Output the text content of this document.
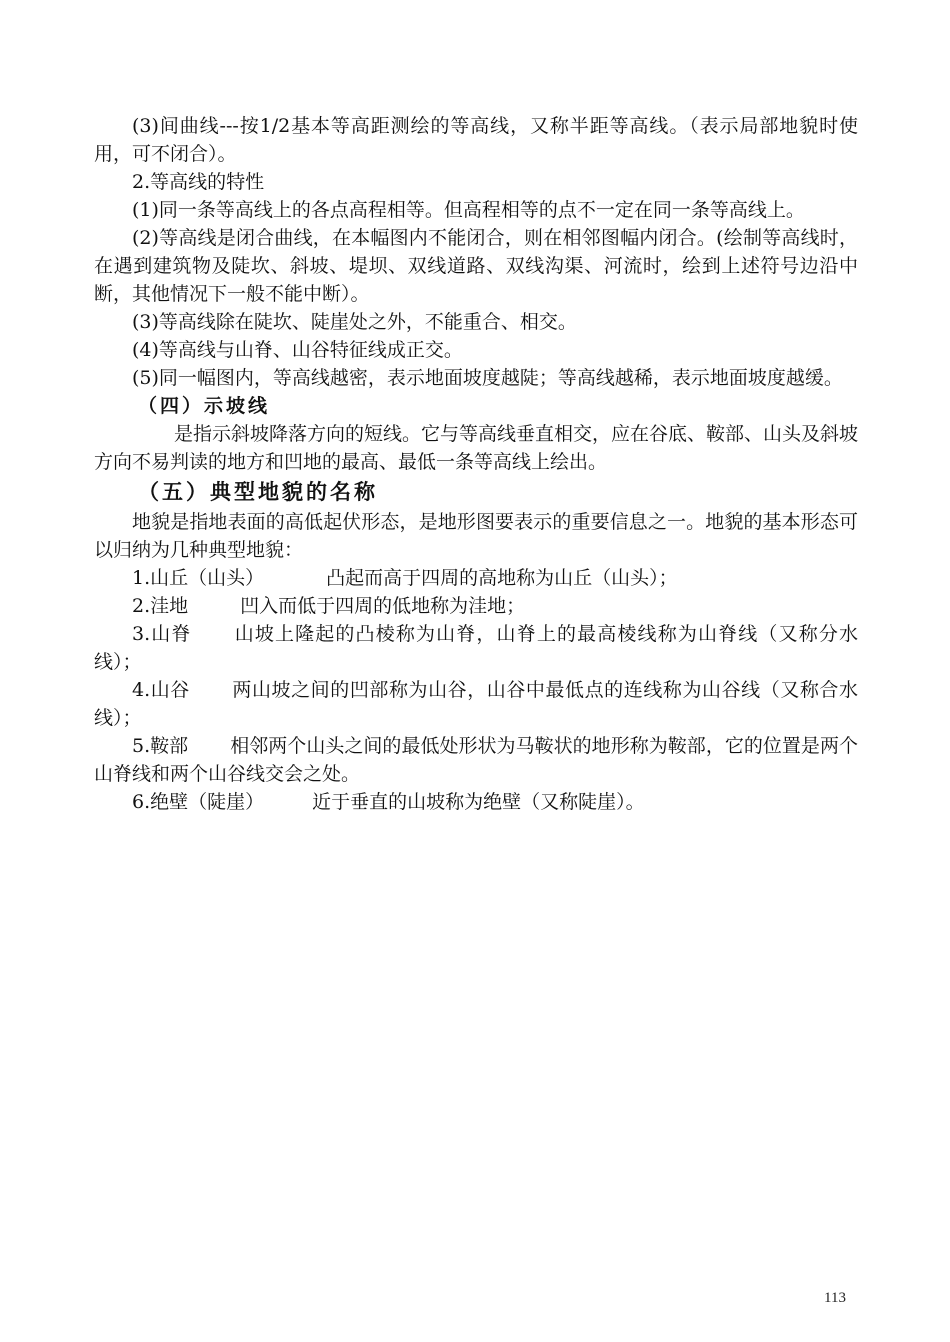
(3)间曲线---按1/2基本等高距测绘的等高线，又称半距等高线。（表示局部地貌时使用，可不闭合）。

2.等高线的特性

(1)同一条等高线上的各点高程相等。但高程相等的点不一定在同一条等高线上。

(2)等高线是闭合曲线，在本幅图内不能闭合，则在相邻图幅内闭合。(绘制等高线时，在遇到建筑物及陡坎、斜坡、堤坝、双线道路、双线沟渠、河流时，绘到上述符号边沿中断，其他情况下一般不能中断）。

(3)等高线除在陡坎、陡崖处之外，不能重合、相交。

(4)等高线与山脊、山谷特征线成正交。

(5)同一幅图内，等高线越密，表示地面坡度越陡；等高线越稀，表示地面坡度越缓。

（四）示坡线

是指示斜坡降落方向的短线。它与等高线垂直相交，应在谷底、鞍部、山头及斜坡方向不易判读的地方和凹地的最高、最低一条等高线上绘出。

（五）典型地貌的名称

地貌是指地表面的高低起伏形态，是地形图要表示的重要信息之一。地貌的基本形态可以归纳为几种典型地貌：

1.山丘（山头）	凸起而高于四周的高地称为山丘（山头）；

2.洼地	凹入而低于四周的低地称为洼地；

3.山脊 山坡上隆起的凸棱称为山脊，山脊上的最高棱线称为山脊线（又称分水线）；

4.山谷 两山坡之间的凹部称为山谷，山谷中最低点的连线称为山谷线（又称合水线）；

5.鞍部 相邻两个山头之间的最低处形状为马鞍状的地形称为鞍部，它的位置是两个山脊线和两个山谷线交会之处。

6.绝壁（陡崖）	近于垂直的山坡称为绝壁（又称陡崖）。

113
